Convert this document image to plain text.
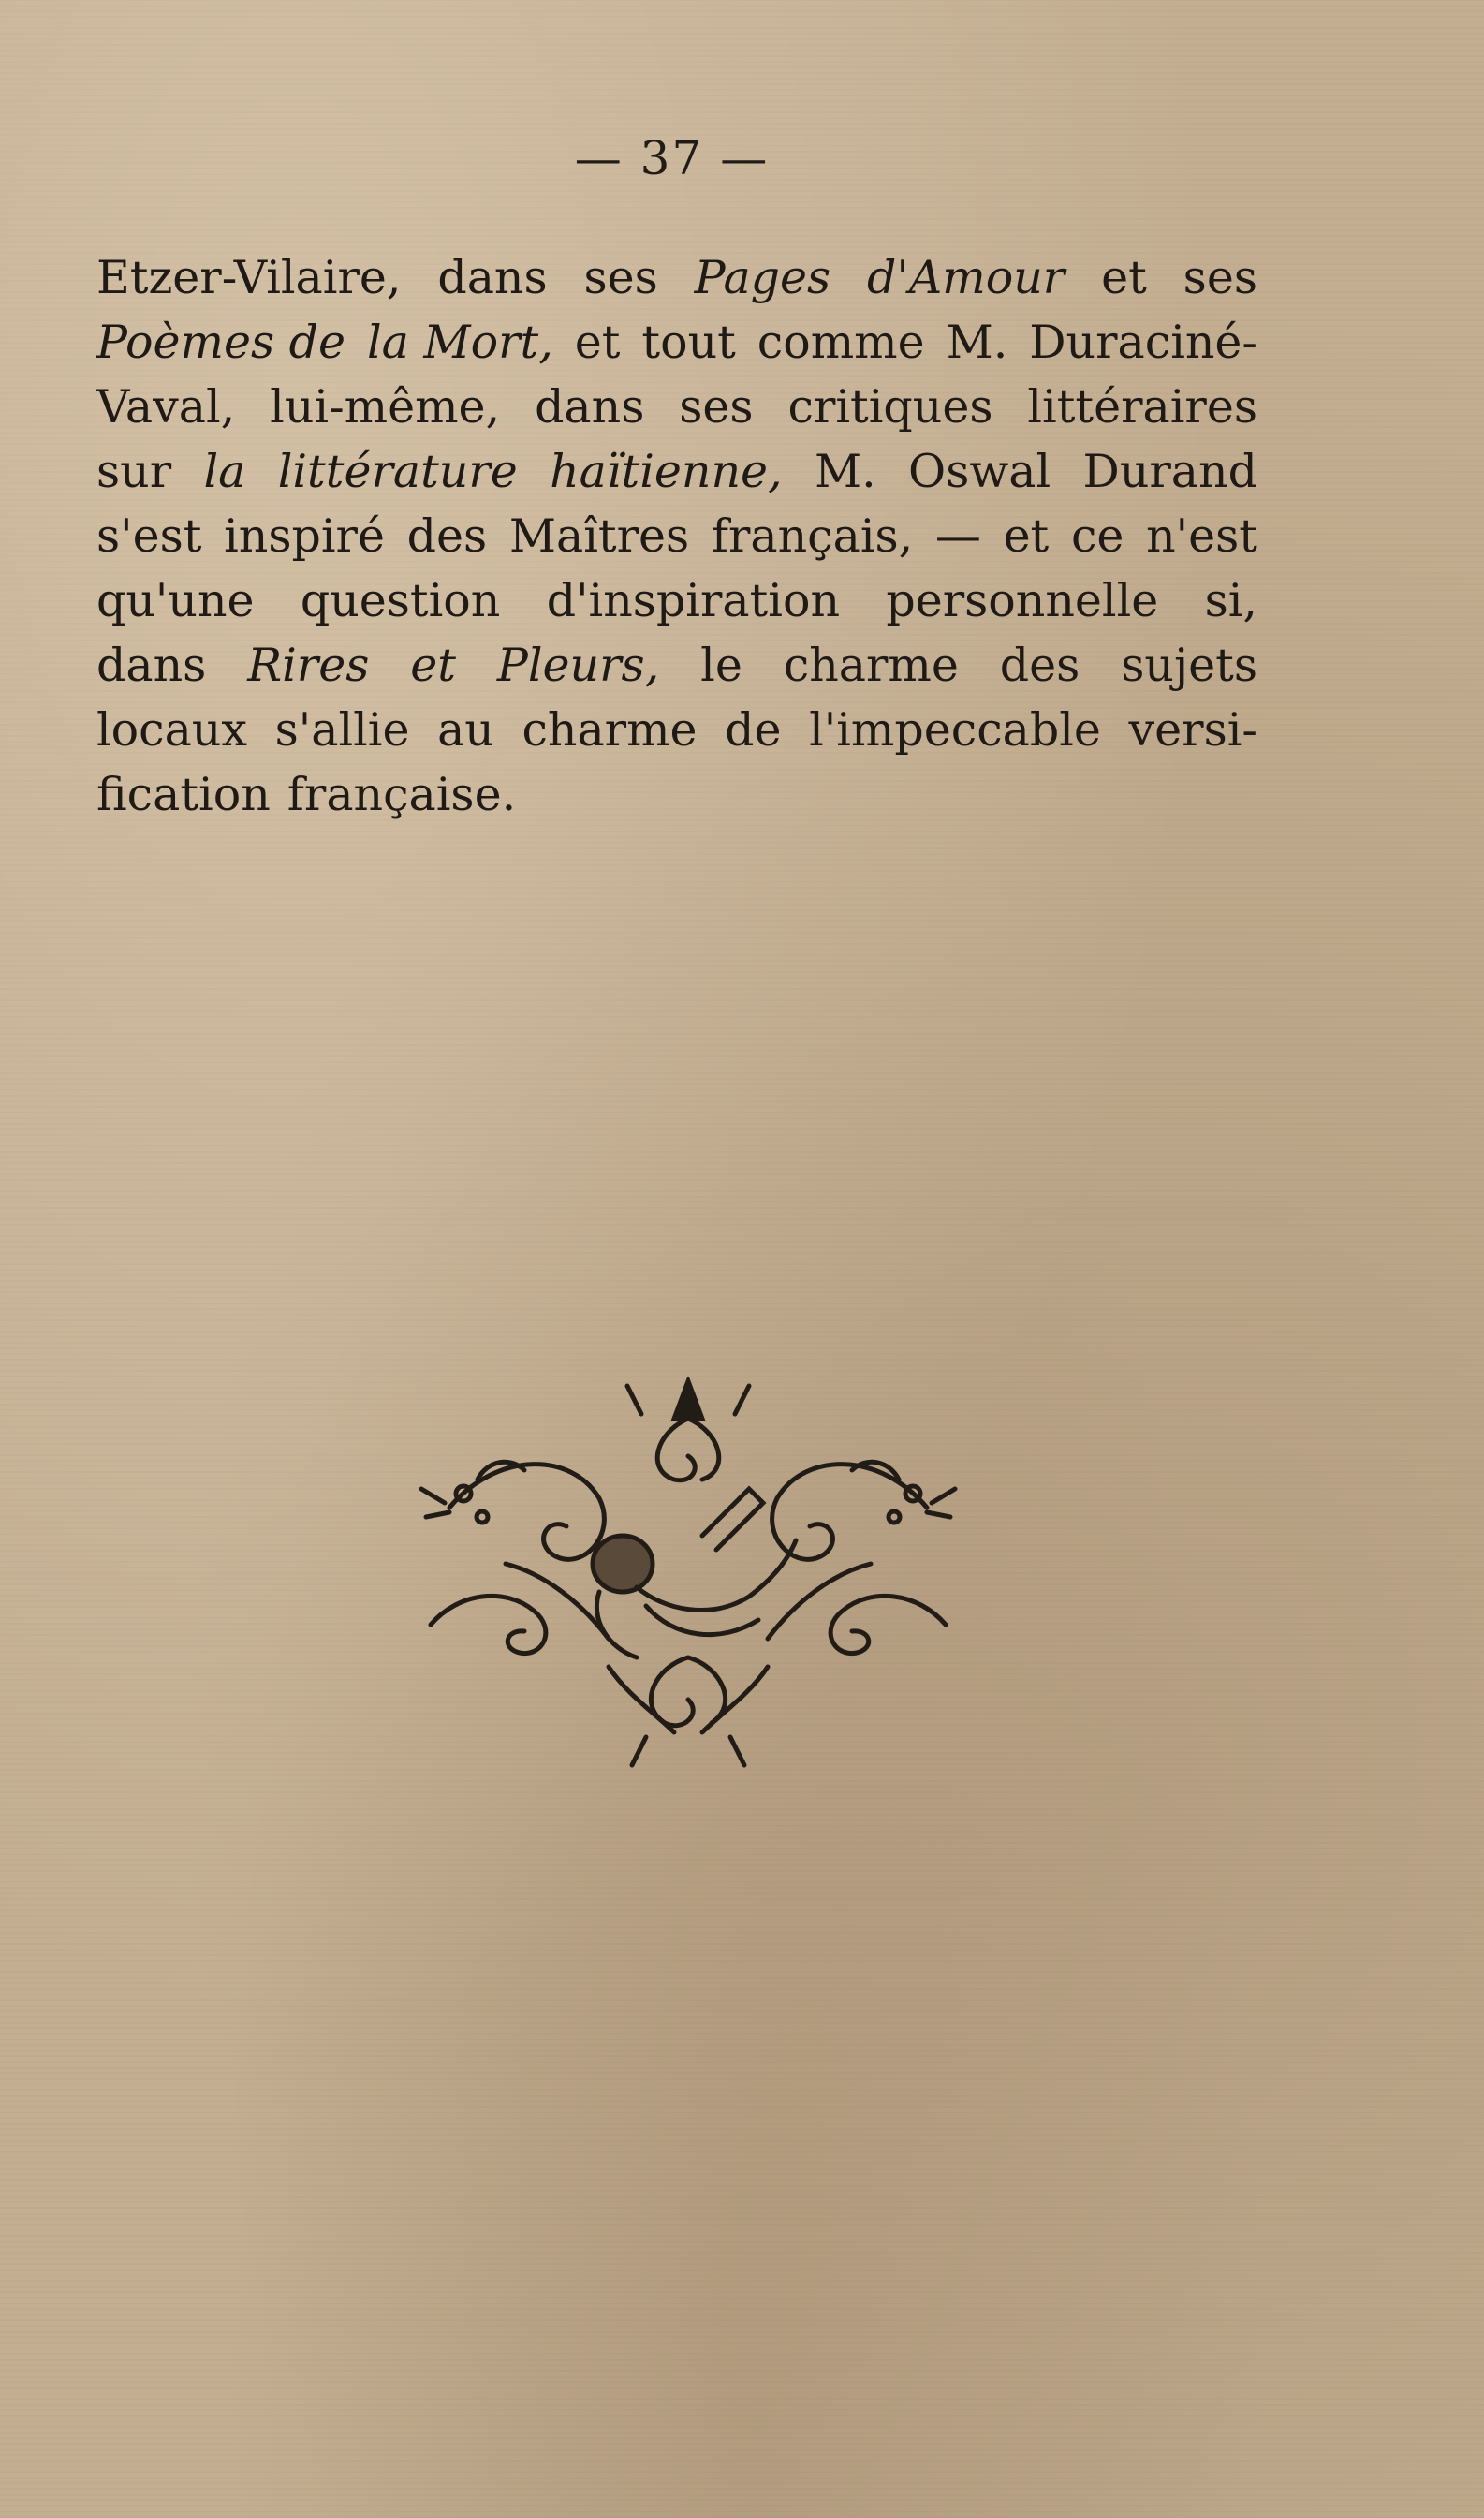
— 37 —
Etzer-Vilaire, dans ses Pages d'Amour et ses
Poèmes de la Mort, et tout comme M. Duraciné-
Vaval, lui-même, dans ses critiques littéraires
sur la littérature haïtienne, M. Oswal Durand
s'est inspiré des Maîtres français, — et ce n'est
qu'une question d'inspiration personnelle si,
dans Rires et Pleurs, le charme des sujets
locaux s'allie au charme de l'impeccable versi-
fication française.
